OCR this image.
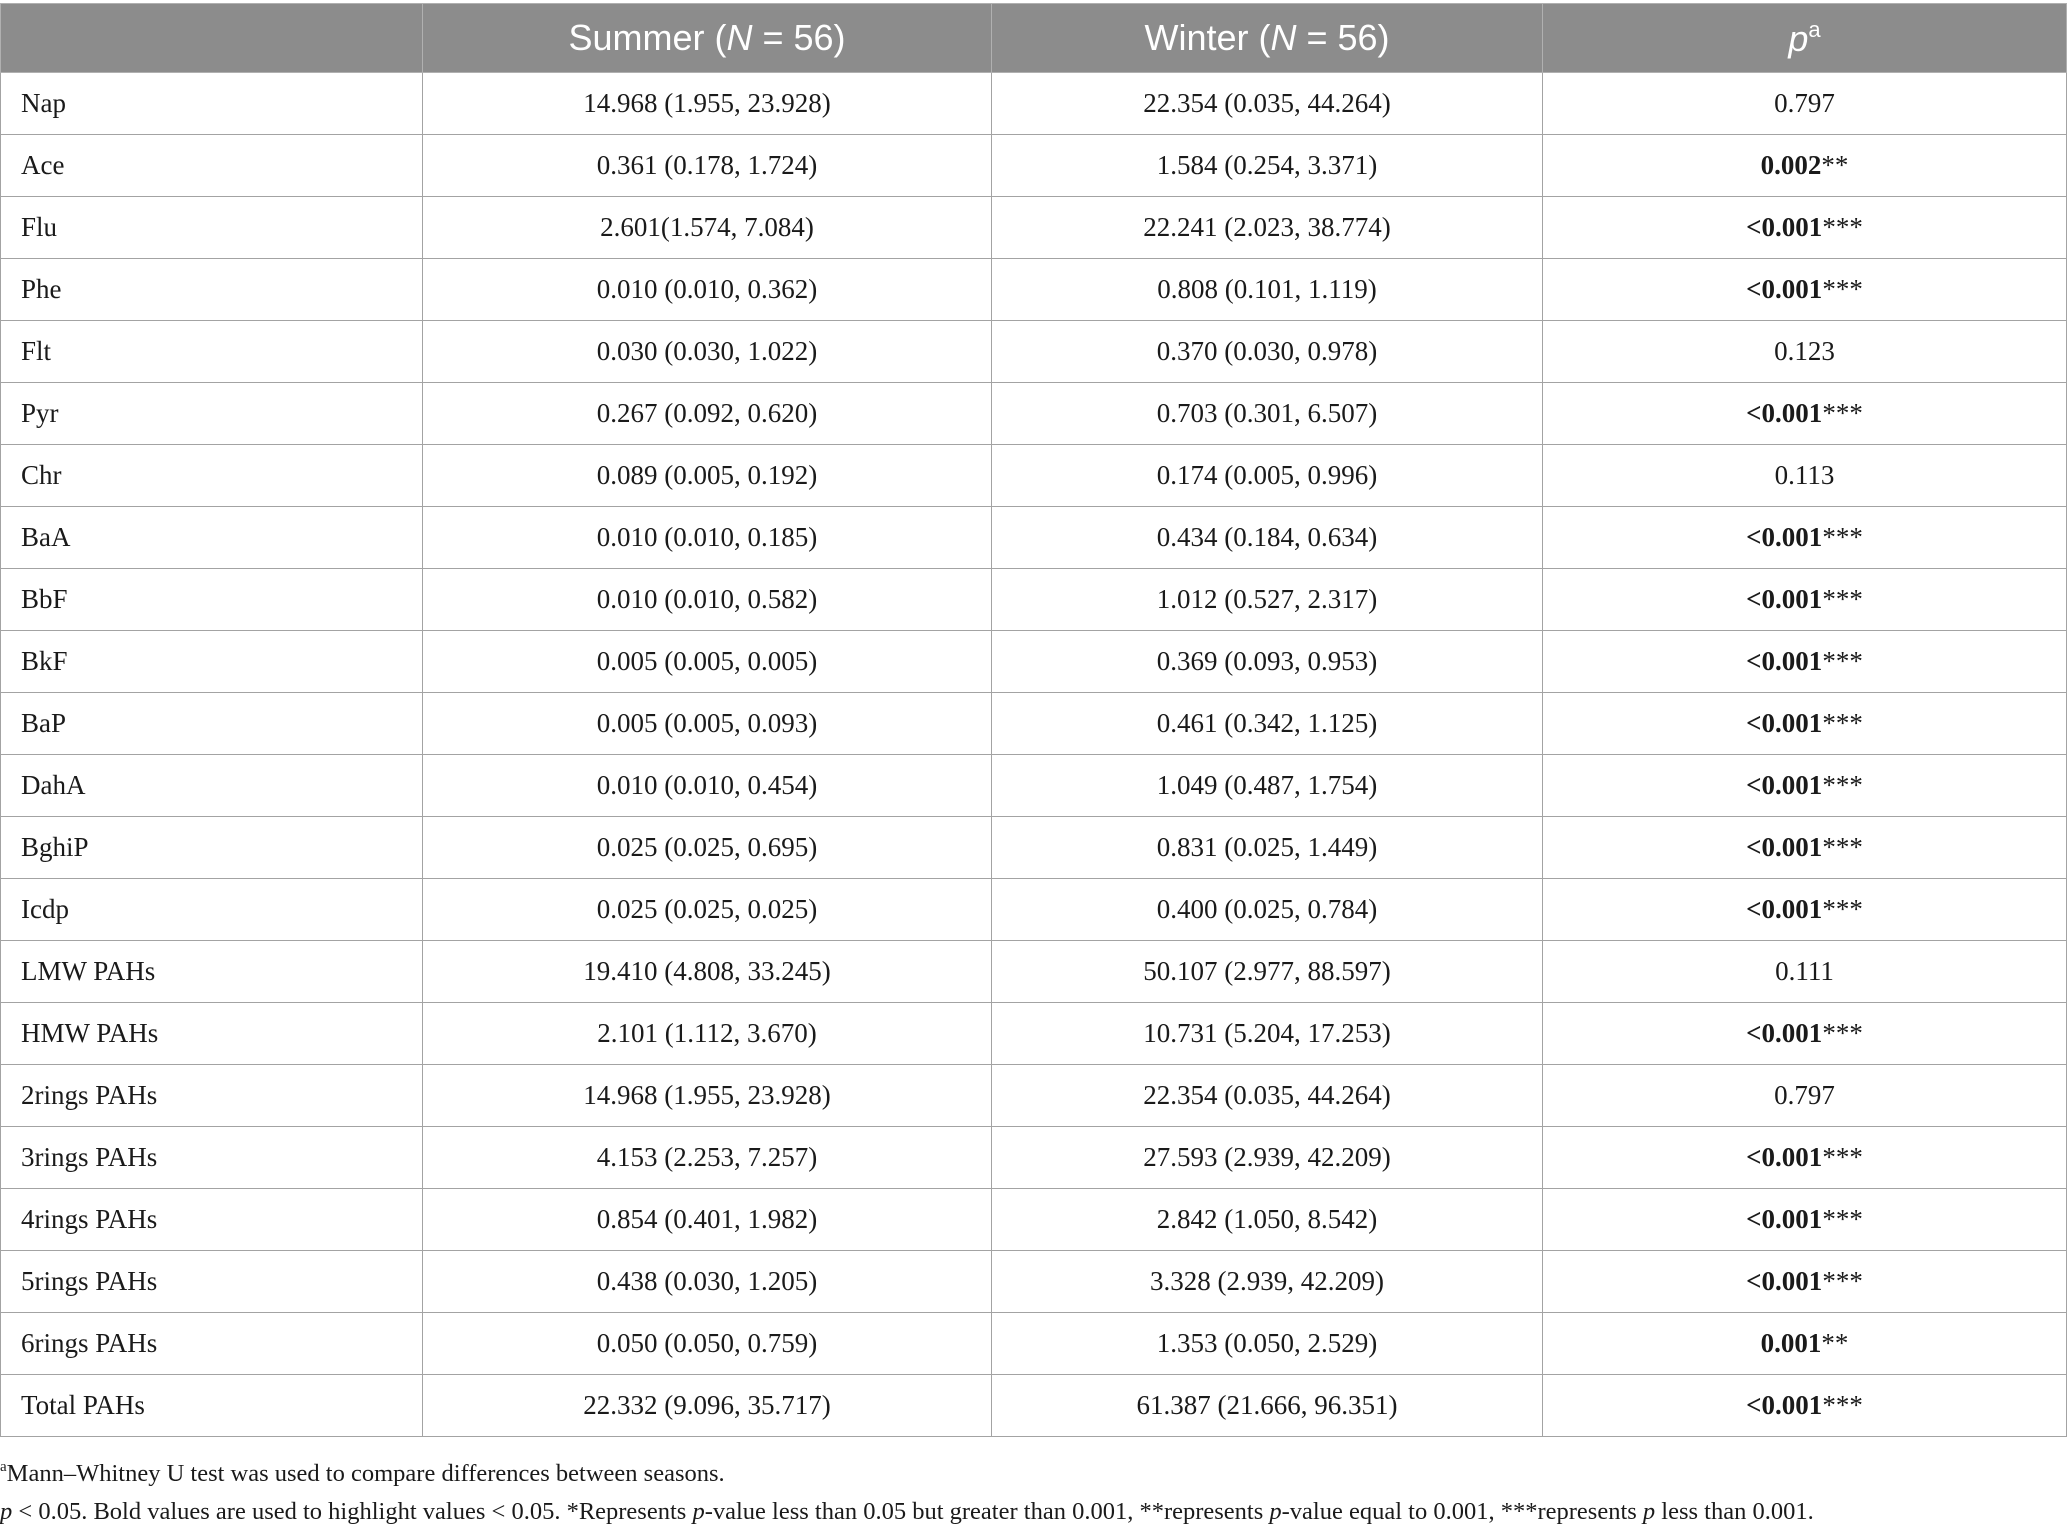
	Summer (N = 56)	Winter (N = 56)	$p^a$
Nap	14.968 (1.955, 23.928)	22.354 (0.035, 44.264)	0.797
Ace	0.361 (0.178, 1.724)	1.584 (0.254, 3.371)	0.002**
Flu	2.601(1.574, 7.084)	22.241 (2.023, 38.774)	<0.001***
Phe	0.010 (0.010, 0.362)	0.808 (0.101, 1.119)	<0.001***
Flt	0.030 (0.030, 1.022)	0.370 (0.030, 0.978)	0.123
Pyr	0.267 (0.092, 0.620)	0.703 (0.301, 6.507)	<0.001***
Chr	0.089 (0.005, 0.192)	0.174 (0.005, 0.996)	0.113
BaA	0.010 (0.010, 0.185)	0.434 (0.184, 0.634)	<0.001***
BbF	0.010 (0.010, 0.582)	1.012 (0.527, 2.317)	<0.001***
BkF	0.005 (0.005, 0.005)	0.369 (0.093, 0.953)	<0.001***
BaP	0.005 (0.005, 0.093)	0.461 (0.342, 1.125)	<0.001***
DahA	0.010 (0.010, 0.454)	1.049 (0.487, 1.754)	<0.001***
BghiP	0.025 (0.025, 0.695)	0.831 (0.025, 1.449)	<0.001***
Icdp	0.025 (0.025, 0.025)	0.400 (0.025, 0.784)	<0.001***
LMW PAHs	19.410 (4.808, 33.245)	50.107 (2.977, 88.597)	0.111
HMW PAHs	2.101 (1.112, 3.670)	10.731 (5.204, 17.253)	<0.001***
2rings PAHs	14.968 (1.955, 23.928)	22.354 (0.035, 44.264)	0.797
3rings PAHs	4.153 (2.253, 7.257)	27.593 (2.939, 42.209)	<0.001***
4rings PAHs	0.854 (0.401, 1.982)	2.842 (1.050, 8.542)	<0.001***
5rings PAHs	0.438 (0.030, 1.205)	3.328 (2.939, 42.209)	<0.001***
6rings PAHs	0.050 (0.050, 0.759)	1.353 (0.050, 2.529)	0.001**
Total PAHs	22.332 (9.096, 35.717)	61.387 (21.666, 96.351)	<0.001***

$^a$Mann–Whitney U test was used to compare differences between seasons.

p < 0.05. Bold values are used to highlight values < 0.05. *Represents p-value less than 0.05 but greater than 0.001, **represents p-value equal to 0.001, ***represents p less than 0.001.
